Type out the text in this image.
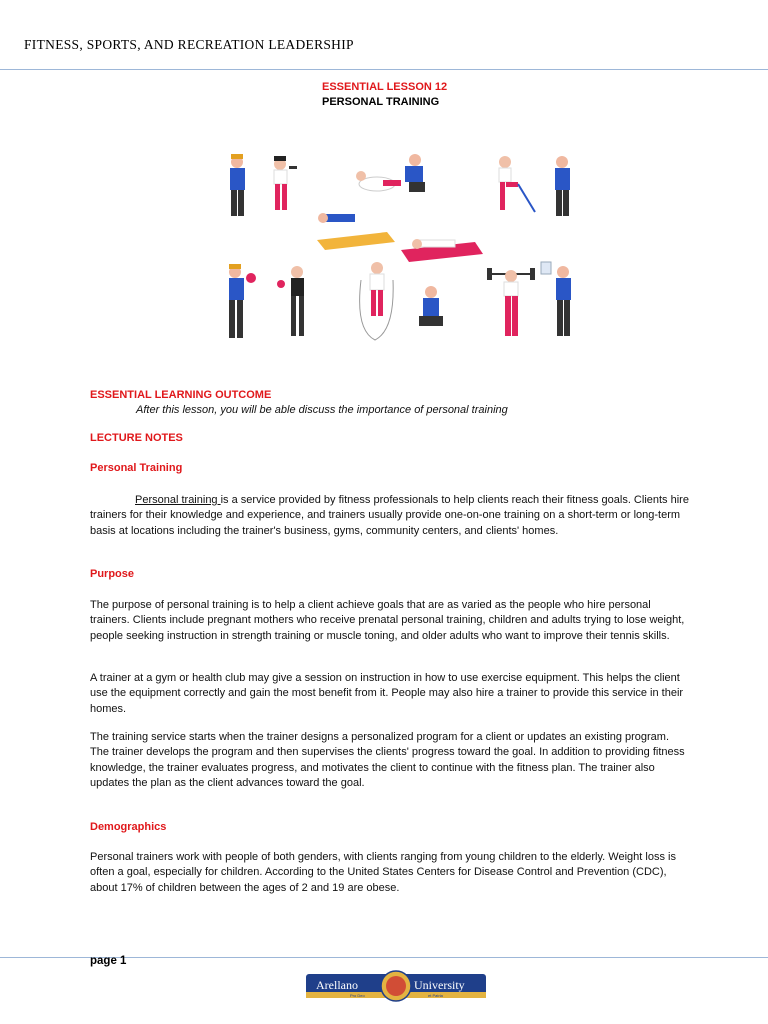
FITNESS, SPORTS, AND RECREATION LEADERSHIP
ESSENTIAL LESSON 12
PERSONAL TRAINING
ESSENTIAL LEARNING OUTCOME
After this lesson, you will be able discuss the importance of personal training
LECTURE NOTES
Personal Training

Personal training is a service provided by fitness professionals to help clients reach their fitness goals. Clients hire trainers for their knowledge and experience, and trainers usually provide one-on-one training on a short-term or long-term basis at locations including the trainer's business, gyms, community centers, and clients' homes.

Purpose

The purpose of personal training is to help a client achieve goals that are as varied as the people who hire personal trainers. Clients include pregnant mothers who receive prenatal personal training, children and adults trying to lose weight, people seeking instruction in strength training or muscle toning, and older adults who want to improve their tennis skills.

A trainer at a gym or health club may give a session on instruction in how to use exercise equipment. This helps the client use the equipment correctly and gain the most benefit from it. People may also hire a trainer to provide this service in their homes.

The training service starts when the trainer designs a personalized program for a client or updates an existing program. The trainer develops the program and then supervises the clients' progress toward the goal. In addition to providing fitness knowledge, the trainer evaluates progress, and motivates the client to continue with the fitness plan. The trainer also updates the plan as the client advances toward the goal.

Demographics

Personal trainers work with people of both genders, with clients ranging from young children to the elderly. Weight loss is often a goal, especially for children. According to the United States Centers for Disease Control and Prevention (CDC), about 17% of children between the ages of 2 and 19 are obese.

page 1
Arellano	University
Pro Deo	et Patria
